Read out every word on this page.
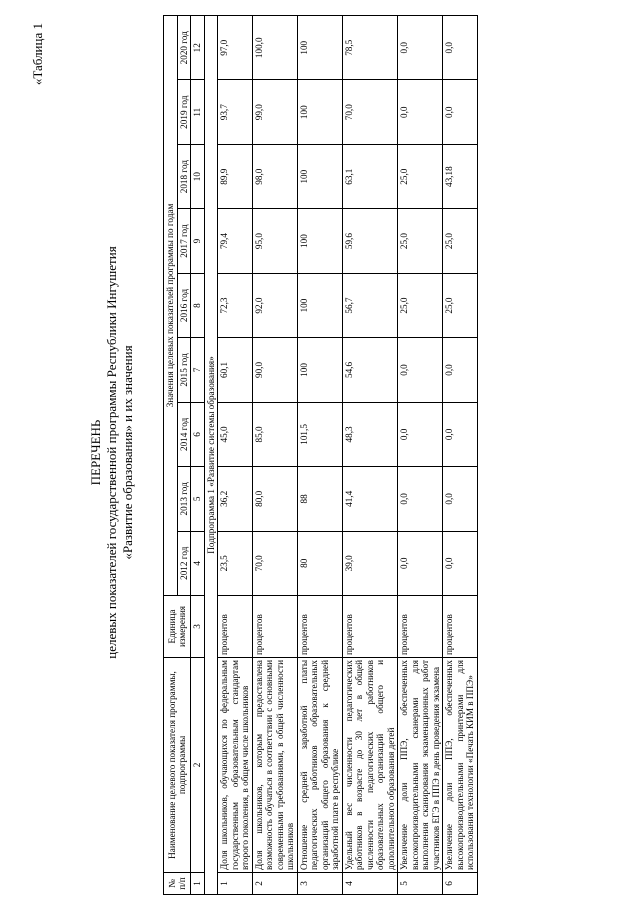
«Таблица 1
ПЕРЕЧЕНЬ целевых показателей государственной программы Республики Ингушетия «Развитие образования» и их значения
№ п/п	Наименование целевого показателя программы, подпрограммы	Единица измерения	Значения целевых показателей программы по годам								
			2012 год	2013 год	2014 год	2015 год	2016 год	2017 год	2018 год	2019 год	2020 год
1	2	3	4	5	6	7	8	9	10	11	12
Подпрограмма 1 «Развитие системы образования»											
1	Доля школьников, обучающихся по федеральным государственным образовательным стандартам второго поколения, в общем числе школьников	процентов	23,5	36,2	45,0	60,1	72,3	79,4	89,9	93,7	97,0
2	Доля школьников, которым предоставлена возможность обучаться в соответствии с основными современными требованиями, в общей численности школьников	процентов	70,0	80,0	85,0	90,0	92,0	95,0	98,0	99,0	100,0
3	Отношение средней заработной платы педагогических работников образовательных организаций общего образования к средней заработной плате в республике	процентов	80	88	101,5	100	100	100	100	100	100
4	Удельный вес численности педагогических работников в возрасте до 30 лет в общей численности педагогических работников образовательных организаций общего и дополнительного образования детей	процентов	39,0	41,4	48,3	54,6	56,7	59,6	63,1	70,0	78,5
5	Увеличение доли ППЭ, обеспеченных высокопроизводительными сканерами для выполнения сканирования экзаменационных работ участников ЕГЭ в ППЭ в день проведения экзамена	процентов	0,0	0,0	0,0	0,0	25,0	25,0	25,0	0,0	0,0
6	Увеличение доли ППЭ, обеспеченных высокопроизводительными принтерами для использования технологии «Печать КИМ в ППЭ»	процентов	0,0	0,0	0,0	0,0	25,0	25,0	43,18	0,0	0,0
